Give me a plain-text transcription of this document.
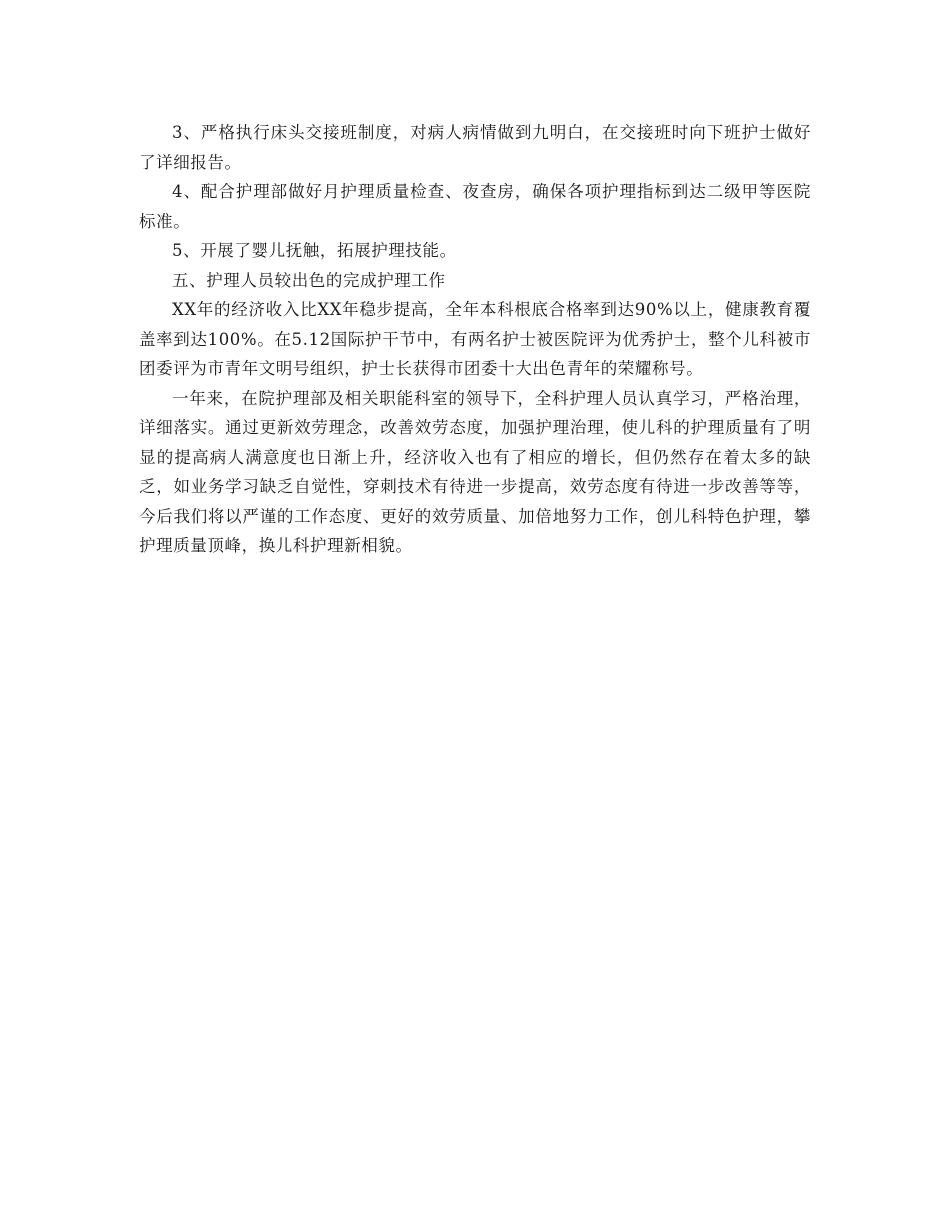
3、严格执行床头交接班制度，对病人病情做到九明白，在交接班时向下班护士做好了详细报告。

4、配合护理部做好月护理质量检查、夜查房，确保各项护理指标到达二级甲等医院标准。

5、开展了婴儿抚触，拓展护理技能。

五、护理人员较出色的完成护理工作

XX年的经济收入比XX年稳步提高，全年本科根底合格率到达90%以上，健康教育覆盖率到达100%。在5.12国际护干节中，有两名护士被医院评为优秀护士，整个儿科被市团委评为市青年文明号组织，护士长获得市团委十大出色青年的荣耀称号。

一年来，在院护理部及相关职能科室的领导下，全科护理人员认真学习，严格治理，详细落实。通过更新效劳理念，改善效劳态度，加强护理治理，使儿科的护理质量有了明显的提高病人满意度也日渐上升，经济收入也有了相应的增长，但仍然存在着太多的缺乏，如业务学习缺乏自觉性，穿刺技术有待进一步提高，效劳态度有待进一步改善等等，今后我们将以严谨的工作态度、更好的效劳质量、加倍地努力工作，创儿科特色护理，攀护理质量顶峰，换儿科护理新相貌。
